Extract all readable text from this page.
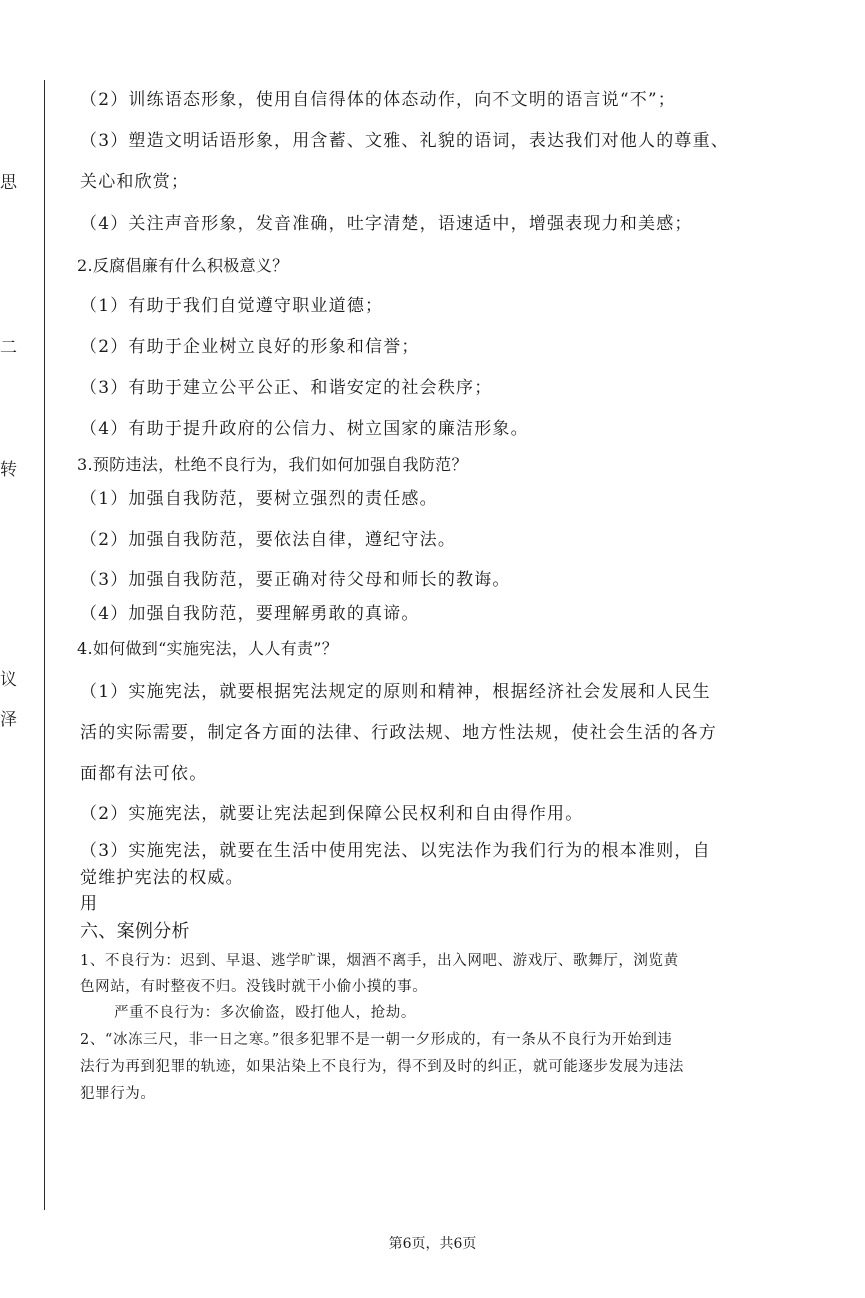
思
二
转
议
泽
（2）训练语态形象，使用自信得体的体态动作，向不文明的语言说“不”；
（3）塑造文明话语形象，用含蓄、文雅、礼貌的语词，表达我们对他人的尊重、
关心和欣赏；
（4）关注声音形象，发音准确，吐字清楚，语速适中，增强表现力和美感；
2.反腐倡廉有什么积极意义？
（1）有助于我们自觉遵守职业道德；
（2）有助于企业树立良好的形象和信誉；
（3）有助于建立公平公正、和谐安定的社会秩序；
（4）有助于提升政府的公信力、树立国家的廉洁形象。
3.预防违法，杜绝不良行为，我们如何加强自我防范？
（1）加强自我防范，要树立强烈的责任感。
（2）加强自我防范，要依法自律，遵纪守法。
（3）加强自我防范，要正确对待父母和师长的教诲。
（4）加强自我防范，要理解勇敢的真谛。
4.如何做到“实施宪法，人人有责”？
（1）实施宪法，就要根据宪法规定的原则和精神，根据经济社会发展和人民生
活的实际需要，制定各方面的法律、行政法规、地方性法规，使社会生活的各方
面都有法可依。
（2）实施宪法，就要让宪法起到保障公民权利和自由得作用。
（3）实施宪法，就要在生活中使用宪法、以宪法作为我们行为的根本准则，自
觉维护宪法的权威。
用
六、案例分析
1、不良行为：迟到、早退、逃学旷课，烟酒不离手，出入网吧、游戏厅、歌舞厅，浏览黄
色网站，有时整夜不归。没钱时就干小偷小摸的事。
严重不良行为：多次偷盗，殴打他人，抢劫。
2、“冰冻三尺，非一日之寒。”很多犯罪不是一朝一夕形成的，有一条从不良行为开始到违
法行为再到犯罪的轨迹，如果沾染上不良行为，得不到及时的纠正，就可能逐步发展为违法
犯罪行为。
第6页，共6页
